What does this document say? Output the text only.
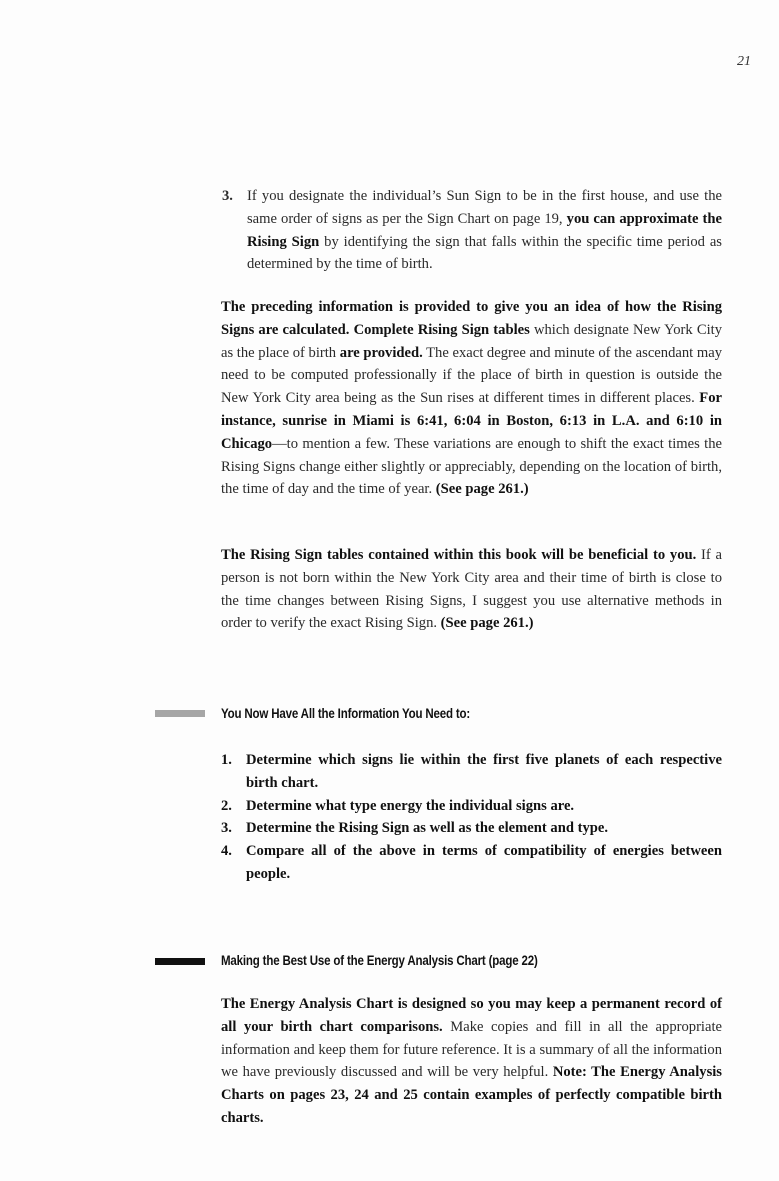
21
3. If you designate the individual’s Sun Sign to be in the first house, and use the same order of signs as per the Sign Chart on page 19, you can approximate the Rising Sign by identifying the sign that falls within the specific time period as determined by the time of birth.
The preceding information is provided to give you an idea of how the Rising Signs are calculated. Complete Rising Sign tables which designate New York City as the place of birth are provided. The exact degree and minute of the ascendant may need to be computed professionally if the place of birth in question is outside the New York City area being as the Sun rises at different times in different places. For instance, sunrise in Miami is 6:41, 6:04 in Boston, 6:13 in L.A. and 6:10 in Chicago—to mention a few. These variations are enough to shift the exact times the Rising Signs change either slightly or appreciably, depending on the location of birth, the time of day and the time of year. (See page 261.)
The Rising Sign tables contained within this book will be beneficial to you. If a person is not born within the New York City area and their time of birth is close to the time changes between Rising Signs, I suggest you use alternative methods in order to verify the exact Rising Sign. (See page 261.)
You Now Have All the Information You Need to:
1. Determine which signs lie within the first five planets of each respective birth chart.
2. Determine what type energy the individual signs are.
3. Determine the Rising Sign as well as the element and type.
4. Compare all of the above in terms of compatibility of energies between people.
Making the Best Use of the Energy Analysis Chart (page 22)
The Energy Analysis Chart is designed so you may keep a permanent record of all your birth chart comparisons. Make copies and fill in all the appropriate information and keep them for future reference. It is a summary of all the information we have previously discussed and will be very helpful. Note: The Energy Analysis Charts on pages 23, 24 and 25 contain examples of perfectly compatible birth charts.
